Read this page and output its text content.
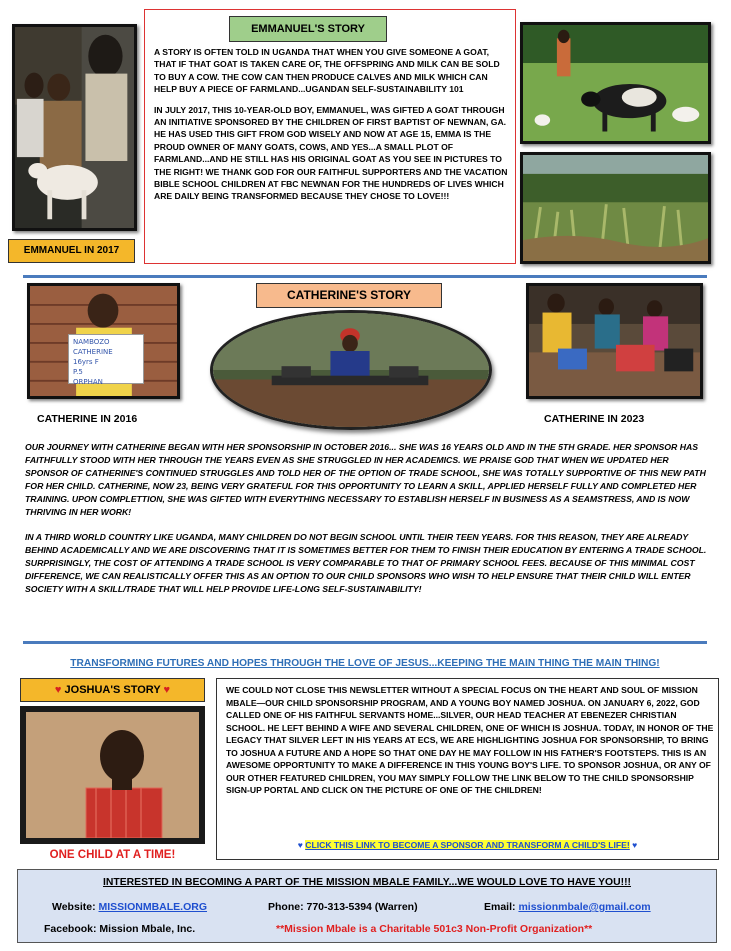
EMMANUEL IN 2017
EMMANUEL'S STORY

A STORY IS OFTEN TOLD IN UGANDA THAT WHEN YOU GIVE SOMEONE A GOAT, THAT IF THAT GOAT IS TAKEN CARE OF, THE OFFSPRING AND MILK CAN BE SOLD TO BUY A COW. THE COW CAN THEN PRODUCE CALVES AND MILK WHICH CAN HELP BUY A PIECE OF FARMLAND...UGANDAN SELF-SUSTAINABILITY 101

IN JULY 2017, THIS 10-YEAR-OLD BOY, EMMANUEL, WAS GIFTED A GOAT THROUGH AN INITIATIVE SPONSORED BY THE CHILDREN OF FIRST BAPTIST OF NEWNAN, GA. HE HAS USED THIS GIFT FROM GOD WISELY AND NOW AT AGE 15, EMMA IS THE PROUD OWNER OF MANY GOATS, COWS, AND YES...A SMALL PLOT OF FARMLAND...AND HE STILL HAS HIS ORIGINAL GOAT AS YOU SEE IN PICTURES TO THE RIGHT! WE THANK GOD FOR OUR FAITHFUL SUPPORTERS AND THE VACATION BIBLE SCHOOL CHILDREN AT FBC NEWNAN FOR THE HUNDREDS OF LIVES WHICH ARE DAILY BEING TRANSFORMED BECAUSE THEY CHOSE TO LOVE!!!

NAMBOZO CATHERINE
16yrs F
P.5
ORPHAN
CATHERINE IN 2016
CATHERINE'S STORY
CATHERINE IN 2023

OUR JOURNEY WITH CATHERINE BEGAN WITH HER SPONSORSHIP IN OCTOBER 2016... SHE WAS 16 YEARS OLD AND IN THE 5TH GRADE. HER SPONSOR HAS FAITHFULLY STOOD WITH HER THROUGH THE YEARS EVEN AS SHE STRUGGLED IN HER ACADEMICS. WE PRAISE GOD THAT WHEN WE UPDATED HER SPONSOR OF CATHERINE'S CONTINUED STRUGGLES AND TOLD HER OF THE OPTION OF TRADE SCHOOL, SHE WAS TOTALLY SUPPORTIVE OF THIS NEW PATH FOR HER CHILD. CATHERINE, NOW 23, BEING VERY GRATEFUL FOR THIS OPPORTUNITY TO LEARN A SKILL, APPLIED HERSELF FULLY AND COMPLETED HER TRAINING. UPON COMPLETTION, SHE WAS GIFTED WITH EVERYTHING NECESSARY TO ESTABLISH HERSELF IN BUSINESS AS A SEAMSTRESS, AND IS NOW THRIVING IN HER WORK!

IN A THIRD WORLD COUNTRY LIKE UGANDA, MANY CHILDREN DO NOT BEGIN SCHOOL UNTIL THEIR TEEN YEARS. FOR THIS REASON, THEY ARE ALREADY BEHIND ACADEMICALLY AND WE ARE DISCOVERING THAT IT IS SOMETIMES BETTER FOR THEM TO FINISH THEIR EDUCATION BY ENTERING A TRADE SCHOOL. SURPRISINGLY, THE COST OF ATTENDING A TRADE SCHOOL IS VERY COMPARABLE TO THAT OF PRIMARY SCHOOL FEES. BECAUSE OF THIS MINIMAL COST DIFFERENCE, WE CAN REALISTICALLY OFFER THIS AS AN OPTION TO OUR CHILD SPONSORS WHO WISH TO HELP ENSURE THAT THEIR CHILD WILL ENTER SOCIETY WITH A SKILL/TRADE THAT WILL HELP PROVIDE LIFE-LONG SELF-SUSTAINABILITY!

TRANSFORMING FUTURES AND HOPES THROUGH THE LOVE OF JESUS...KEEPING THE MAIN THING THE MAIN THING!
♥ JOSHUA'S STORY ♥
ONE CHILD AT A TIME!

WE COULD NOT CLOSE THIS NEWSLETTER WITHOUT A SPECIAL FOCUS ON THE HEART AND SOUL OF MISSION MBALE—OUR CHILD SPONSORSHIP PROGRAM, AND A YOUNG BOY NAMED JOSHUA. ON JANUARY 6, 2022, GOD CALLED ONE OF HIS FAITHFUL SERVANTS HOME...SILVER, OUR HEAD TEACHER AT EBENEZER CHRISTIAN SCHOOL. HE LEFT BEHIND A WIFE AND SEVERAL CHILDREN, ONE OF WHICH IS JOSHUA. TODAY, IN HONOR OF THE LEGACY THAT SILVER LEFT IN HIS YEARS AT ECS, WE ARE HIGHLIGHTING JOSHUA FOR SPONSORSHIP, TO BRING TO JOSHUA A FUTURE AND A HOPE SO THAT ONE DAY HE MAY FOLLOW IN HIS FATHER'S FOOTSTEPS. THIS IS AN AWESOME OPPORTUNITY TO MAKE A DIFFERENCE IN THIS YOUNG BOY'S LIFE. TO SPONSOR JOSHUA, OR ANY OF OUR OTHER FEATURED CHILDREN, YOU MAY SIMPLY FOLLOW THE LINK BELOW TO THE CHILD SPONSORSHIP SIGN-UP PORTAL AND CLICK ON THE PICTURE OF ONE OF THE CHILDREN!

♥ CLICK THIS LINK TO BECOME A SPONSOR AND TRANSFORM A CHILD'S LIFE! ♥
INTERESTED IN BECOMING A PART OF THE MISSION MBALE FAMILY...WE WOULD LOVE TO HAVE YOU!!!
Website: MISSIONMBALE.ORG	Phone: 770-313-5394 (Warren)	Email: missionmbale@gmail.com
Facebook: Mission Mbale, Inc.	**Mission Mbale is a Charitable 501c3 Non-Profit Organization**
